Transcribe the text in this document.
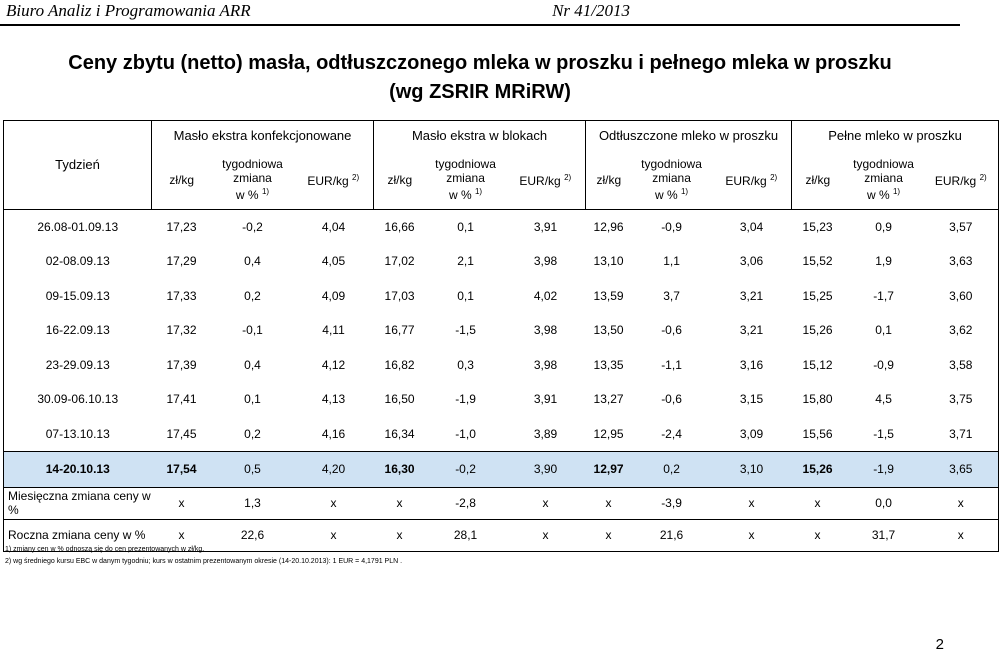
Biuro Analiz i Programowania ARR	Nr 41/2013
Ceny zbytu (netto) masła, odtłuszczonego mleka w proszku i pełnego mleka w proszku
(wg ZSRIR MRiRW)
Tydzień	Masło ekstra konfekcjonowane			Masło ekstra w blokach			Odtłuszczone mleko w proszku			Pełne mleko w proszku		
	zł/kg	tygodniowa
zmiana
w % $^{1)}$	EUR/kg $^{2)}$	zł/kg	tygodniowa
zmiana
w % $^{1)}$	EUR/kg $^{2)}$	zł/kg	tygodniowa
zmiana
w % $^{1)}$	EUR/kg $^{2)}$	zł/kg	tygodniowa
zmiana
w % $^{1)}$	EUR/kg $^{2)}$
26.08-01.09.13	17,23	-0,2	4,04	16,66	0,1	3,91	12,96	-0,9	3,04	15,23	0,9	3,57
02-08.09.13	17,29	0,4	4,05	17,02	2,1	3,98	13,10	1,1	3,06	15,52	1,9	3,63
09-15.09.13	17,33	0,2	4,09	17,03	0,1	4,02	13,59	3,7	3,21	15,25	-1,7	3,60
16-22.09.13	17,32	-0,1	4,11	16,77	-1,5	3,98	13,50	-0,6	3,21	15,26	0,1	3,62
23-29.09.13	17,39	0,4	4,12	16,82	0,3	3,98	13,35	-1,1	3,16	15,12	-0,9	3,58
30.09-06.10.13	17,41	0,1	4,13	16,50	-1,9	3,91	13,27	-0,6	3,15	15,80	4,5	3,75
07-13.10.13	17,45	0,2	4,16	16,34	-1,0	3,89	12,95	-2,4	3,09	15,56	-1,5	3,71
14-20.10.13	17,54	0,5	4,20	16,30	-0,2	3,90	12,97	0,2	3,10	15,26	-1,9	3,65
Miesięczna zmiana ceny w %	x	1,3	x	x	-2,8	x	x	-3,9	x	x	0,0	x
Roczna zmiana ceny w %	x	22,6	x	x	28,1	x	x	21,6	x	x	31,7	x
1) zmiany cen w % odnoszą się do cen prezentowanych w zł/kg.
2) wg średniego kursu EBC w danym tygodniu; kurs w ostatnim prezentowanym okresie (14-20.10.2013): 1 EUR = 4,1791 PLN .
2
